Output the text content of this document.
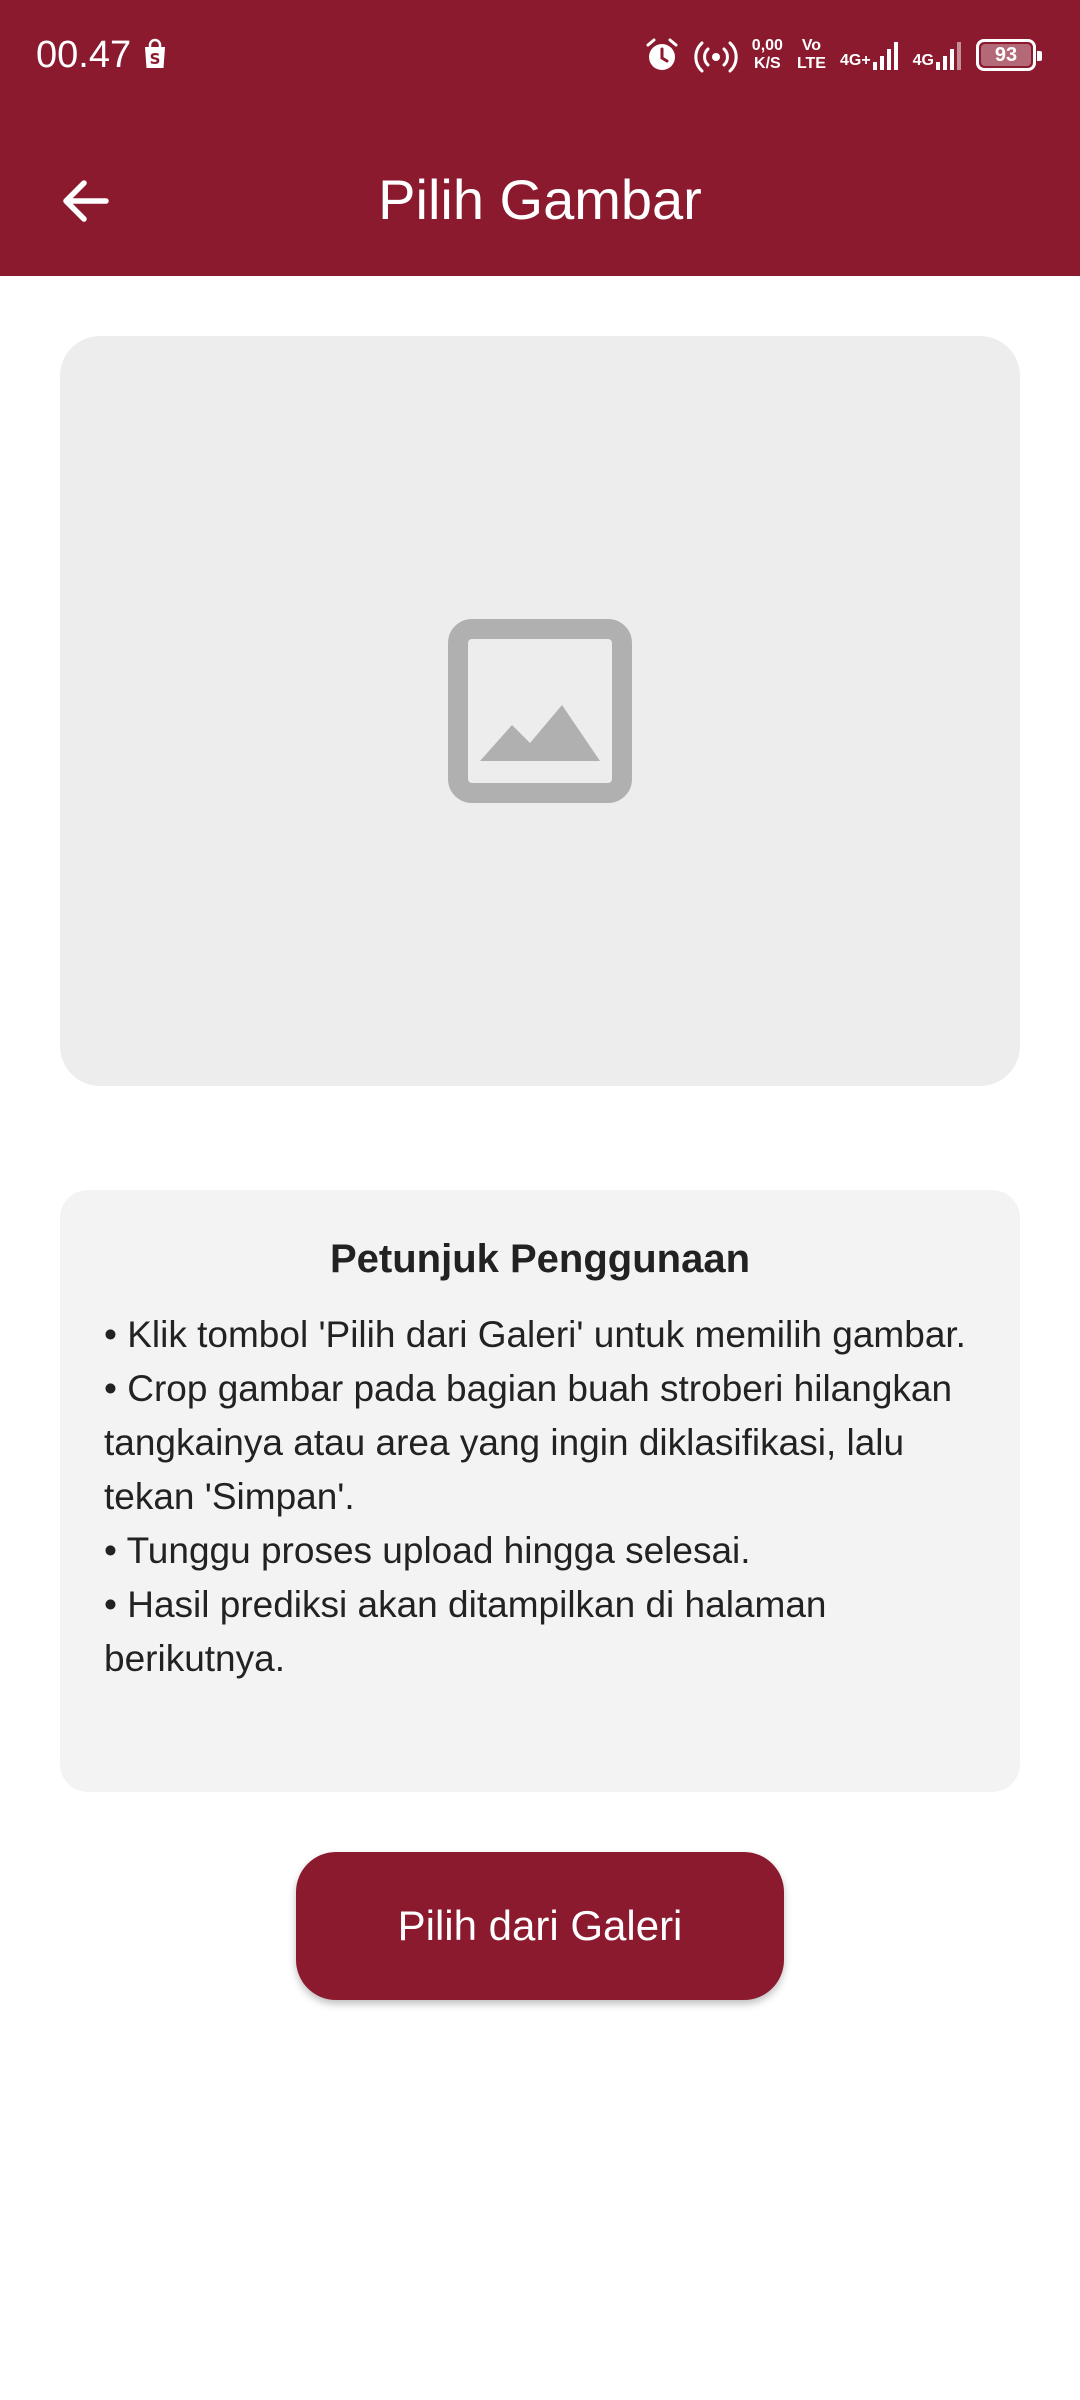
00.47 S
0,00
K/S
Vo
LTE 4G+	4G	93
Pilih Gambar
Petunjuk Penggunaan
• Klik tombol 'Pilih dari Galeri' untuk memilih gambar.
• Crop gambar pada bagian buah stroberi hilangkan tangkainya atau area yang ingin diklasifikasi, lalu tekan 'Simpan'.
• Tunggu proses upload hingga selesai.
• Hasil prediksi akan ditampilkan di halaman berikutnya.
Pilih dari Galeri
